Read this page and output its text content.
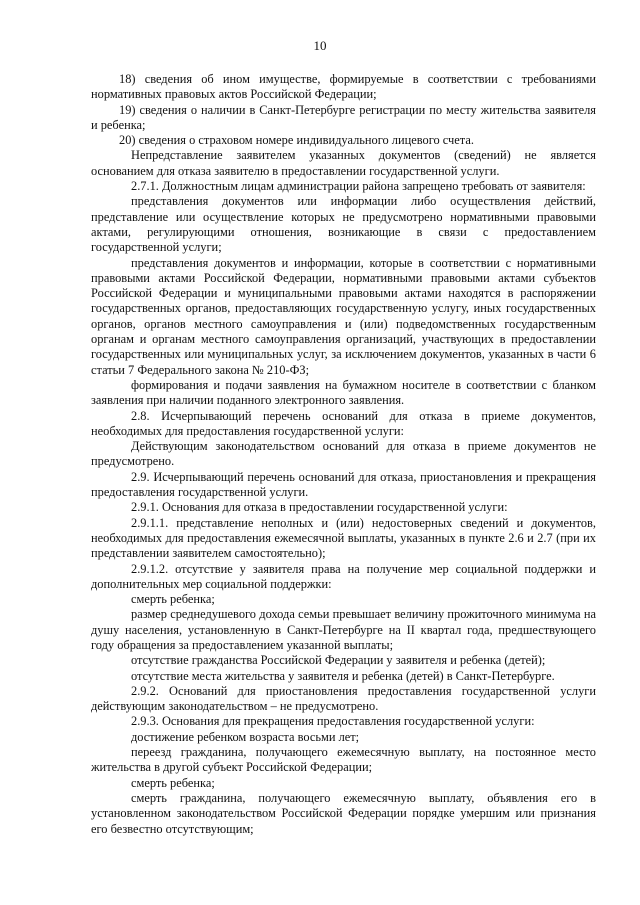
10

18) сведения об ином имуществе, формируемые в соответствии с требованиями нормативных правовых актов Российской Федерации;

19) сведения о наличии в Санкт-Петербурге регистрации по месту жительства заявителя и ребенка;

20) сведения о страховом номере индивидуального лицевого счета.

Непредставление заявителем указанных документов (сведений) не является основанием для отказа заявителю в предоставлении государственной услуги.

2.7.1. Должностным лицам администрации района запрещено требовать от заявителя:

представления документов или информации либо осуществления действий, представление или осуществление которых не предусмотрено нормативными правовыми актами, регулирующими отношения, возникающие в связи с предоставлением государственной услуги;

представления документов и информации, которые в соответствии с нормативными правовыми актами Российской Федерации, нормативными правовыми актами субъектов Российской Федерации и муниципальными правовыми актами находятся в распоряжении государственных органов, предоставляющих государственную услугу, иных государственных органов, органов местного самоуправления и (или) подведомственных государственным органам и органам местного самоуправления организаций, участвующих в предоставлении государственных или муниципальных услуг, за исключением документов, указанных в части 6 статьи 7 Федерального закона № 210-ФЗ;

формирования и подачи заявления на бумажном носителе в соответствии с бланком заявления при наличии поданного электронного заявления.

2.8. Исчерпывающий перечень оснований для отказа в приеме документов, необходимых для предоставления государственной услуги:

Действующим законодательством оснований для отказа в приеме документов не предусмотрено.

2.9. Исчерпывающий перечень оснований для отказа, приостановления и прекращения предоставления государственной услуги.

2.9.1. Основания для отказа в предоставлении государственной услуги:

2.9.1.1. представление неполных и (или) недостоверных сведений и документов, необходимых для предоставления ежемесячной выплаты, указанных в пункте 2.6 и 2.7 (при их представлении заявителем самостоятельно);

2.9.1.2. отсутствие у заявителя права на получение мер социальной поддержки и дополнительных мер социальной поддержки:

смерть ребенка;

размер среднедушевого дохода семьи превышает величину прожиточного минимума на душу населения, установленную в Санкт-Петербурге на II квартал года, предшествующего году обращения за предоставлением указанной выплаты;

отсутствие гражданства Российской Федерации у заявителя и ребенка (детей);

отсутствие места жительства у заявителя и ребенка (детей) в Санкт-Петербурге.

2.9.2. Оснований для приостановления предоставления государственной услуги действующим законодательством – не предусмотрено.

2.9.3. Основания для прекращения предоставления государственной услуги:

достижение ребенком возраста восьми лет;

переезд гражданина, получающего ежемесячную выплату, на постоянное место жительства в другой субъект Российской Федерации;

смерть ребенка;

смерть гражданина, получающего ежемесячную выплату, объявления его в установленном законодательством Российской Федерации порядке умершим или признания его безвестно отсутствующим;
